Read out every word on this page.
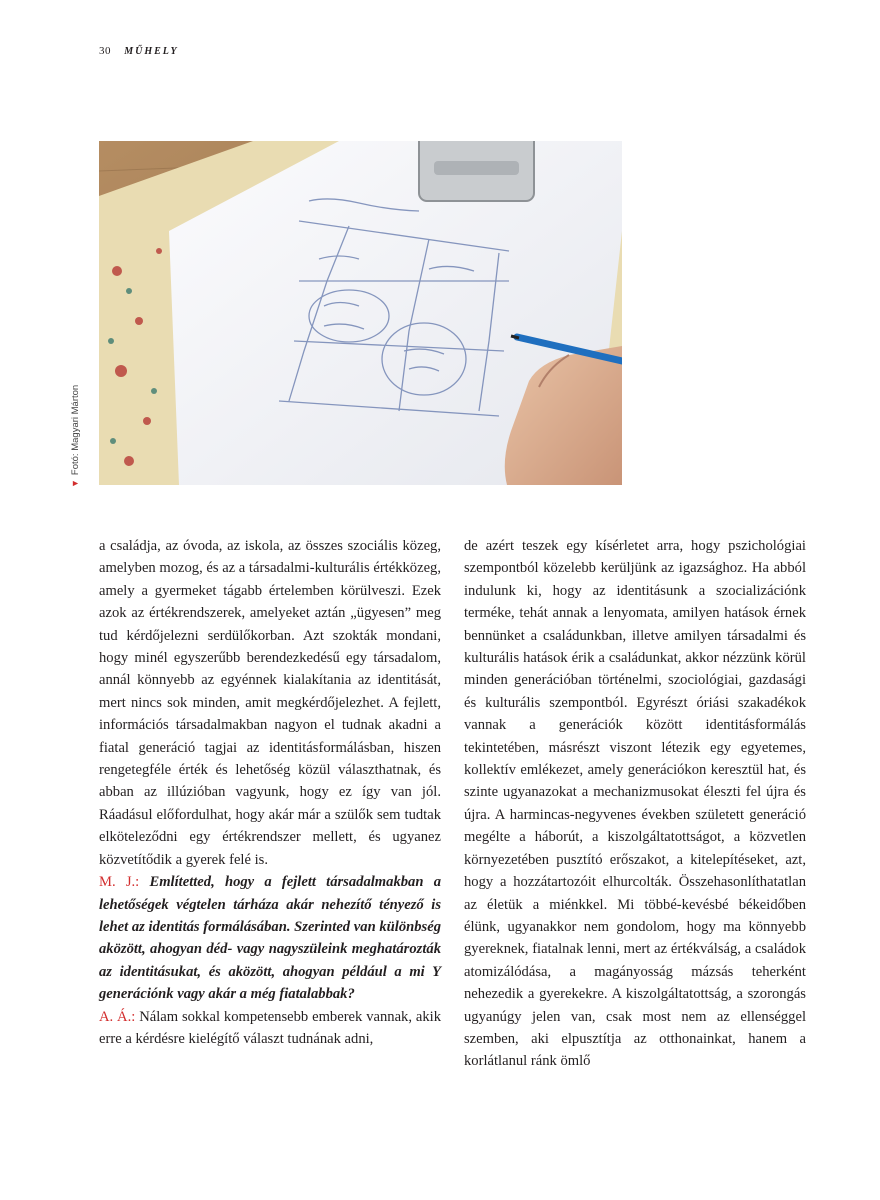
30 MŰHELY
▼Fotó: Magyari Márton

a családja, az óvoda, az iskola, az összes szociális közeg, amelyben mozog, és az a társadalmi-kulturális értékközeg, amely a gyermeket tágabb értelemben körülveszi. Ezek azok az értékrendszerek, amelyeket aztán „ügyesen” meg tud kérdőjelezni serdülőkorban. Azt szokták mondani, hogy minél egyszerűbb berendezkedésű egy társadalom, annál könnyebb az egyénnek kialakítania az identitását, mert nincs sok minden, amit megkérdőjelezhet. A fejlett, információs társadalmakban nagyon el tudnak akadni a fiatal generáció tagjai az identitásformálásban, hiszen rengetegféle érték és lehetőség közül választhatnak, és abban az illúzióban vagyunk, hogy ez így van jól. Ráadásul előfordulhat, hogy akár már a szülők sem tudtak elköteleződni egy értékrendszer mellett, és ugyanez közvetítődik a gyerek felé is.

M. J.: Említetted, hogy a fejlett társadalmakban a lehetőségek végtelen tárháza akár nehezítő tényező is lehet az identitás formálásában. Szerinted van különbség aközött, ahogyan déd- vagy nagyszüleink meghatározták az identitásukat, és aközött, ahogyan például a mi Y generációnk vagy akár a még fiatalabbak?

A. Á.: Nálam sokkal kompetensebb emberek vannak, akik erre a kérdésre kielégítő választ tudnának adni,

de azért teszek egy kísérletet arra, hogy pszichológiai szempontból közelebb kerüljünk az igazsághoz. Ha abból indulunk ki, hogy az identitásunk a szocializációnk terméke, tehát annak a lenyomata, amilyen hatások érnek bennünket a családunkban, illetve amilyen társadalmi és kulturális hatások érik a családunkat, akkor nézzünk körül minden generációban történelmi, szociológiai, gazdasági és kulturális szempontból. Egyrészt óriási szakadékok vannak a generációk között identitásformálás tekintetében, másrészt viszont létezik egy egyetemes, kollektív emlékezet, amely generációkon keresztül hat, és szinte ugyanazokat a mechanizmusokat éleszti fel újra és újra. A harmincas-negyvenes években született generáció megélte a háborút, a kiszolgáltatottságot, a közvetlen környezetében pusztító erőszakot, a kitelepítéseket, azt, hogy a hozzátartozóit elhurcolták. Összehasonlíthatatlan az életük a miénkkel. Mi többé-kevésbé békeidőben élünk, ugyanakkor nem gondolom, hogy ma könnyebb gyereknek, fiatalnak lenni, mert az értékválság, a családok atomizálódása, a magányosság mázsás teherként nehezedik a gyerekekre. A kiszolgáltatottság, a szorongás ugyanúgy jelen van, csak most nem az ellenséggel szemben, aki elpusztítja az otthonainkat, hanem a korlátlanul ránk ömlő
